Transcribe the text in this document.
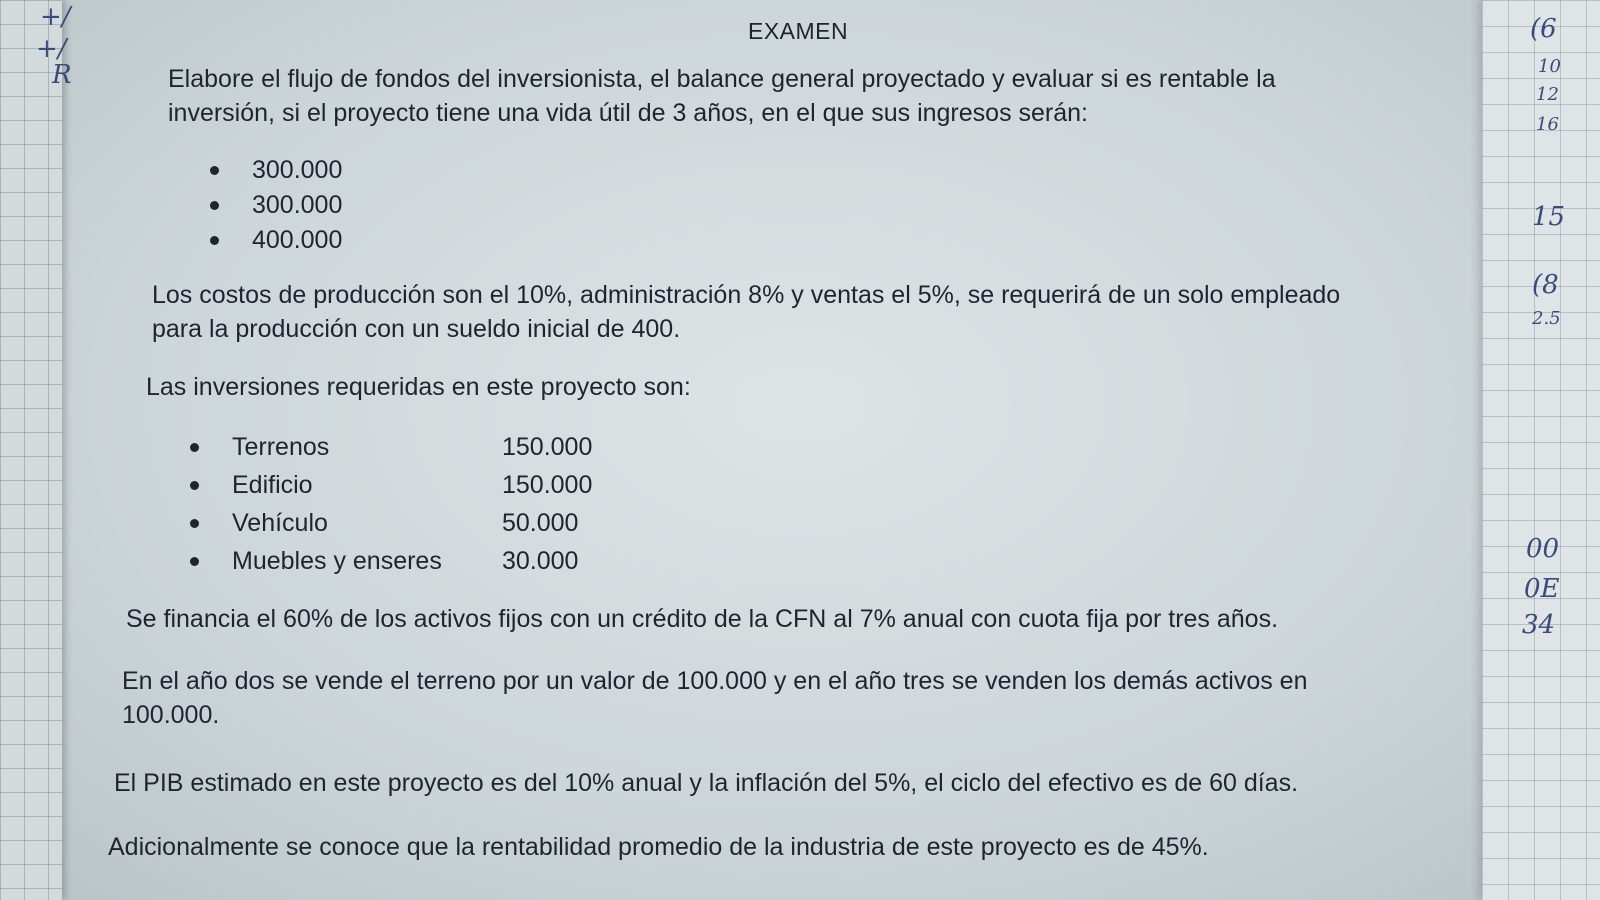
+/
+/
R
(6
10
12
16
15
(8
2.5
00
0E
34
EXAMEN

Elabore el flujo de fondos del inversionista, el balance general proyectado y evaluar si es rentable la
inversión, si el proyecto tiene una vida útil de 3 años, en el que sus ingresos serán:

300.000
300.000
400.000

Los costos de producción son el 10%, administración 8% y ventas el 5%, se requerirá de un solo empleado
para la producción con un sueldo inicial de 400.

Las inversiones requeridas en este proyecto son:

Terrenos	150.000
Edificio	150.000
Vehículo	50.000
Muebles y enseres 30.000

Se financia el 60% de los activos fijos con un crédito de la CFN al 7% anual con cuota fija por tres años.

En el año dos se vende el terreno por un valor de 100.000 y en el año tres se venden los demás activos en
100.000.

El PIB estimado en este proyecto es del 10% anual y la inflación del 5%, el ciclo del efectivo es de 60 días.

Adicionalmente se conoce que la rentabilidad promedio de la industria de este proyecto es de 45%.
